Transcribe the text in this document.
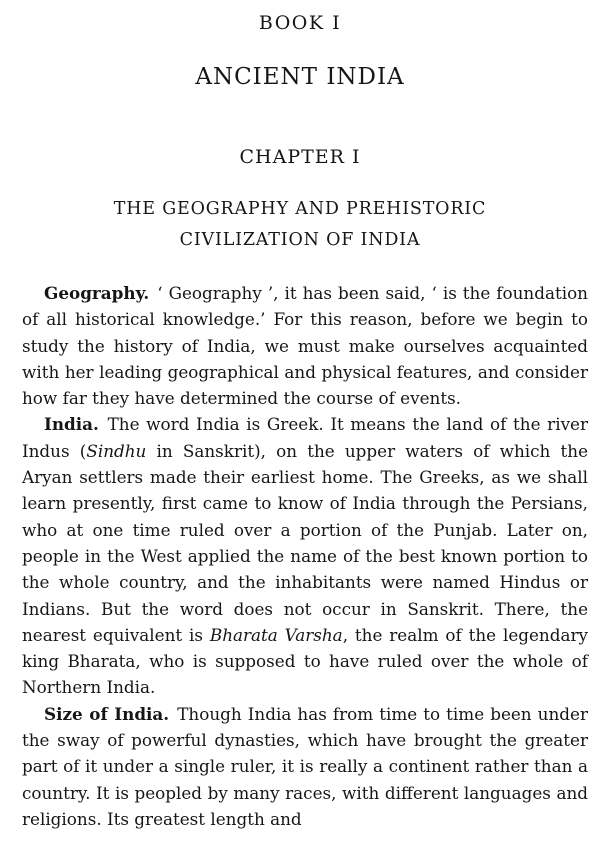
BOOK I
ANCIENT INDIA
CHAPTER I
THE GEOGRAPHY AND PREHISTORIC
CIVILIZATION OF INDIA

Geography. ‘ Geography ’, it has been said, ‘ is the foundation of all historical knowledge.’ For this reason, before we begin to study the history of India, we must make ourselves acquainted with her leading geographical and physical features, and consider how far they have determined the course of events.

India. The word India is Greek. It means the land of the river Indus (Sindhu in Sanskrit), on the upper waters of which the Aryan settlers made their earliest home. The Greeks, as we shall learn presently, first came to know of India through the Persians, who at one time ruled over a portion of the Punjab. Later on, people in the West applied the name of the best known portion to the whole country, and the inhabitants were named Hindus or Indians. But the word does not occur in Sanskrit. There, the nearest equivalent is Bharata Varsha, the realm of the legendary king Bharata, who is supposed to have ruled over the whole of Northern India.

Size of India. Though India has from time to time been under the sway of powerful dynasties, which have brought the greater part of it under a single ruler, it is really a continent rather than a country. It is peopled by many races, with different languages and religions. Its greatest length and
